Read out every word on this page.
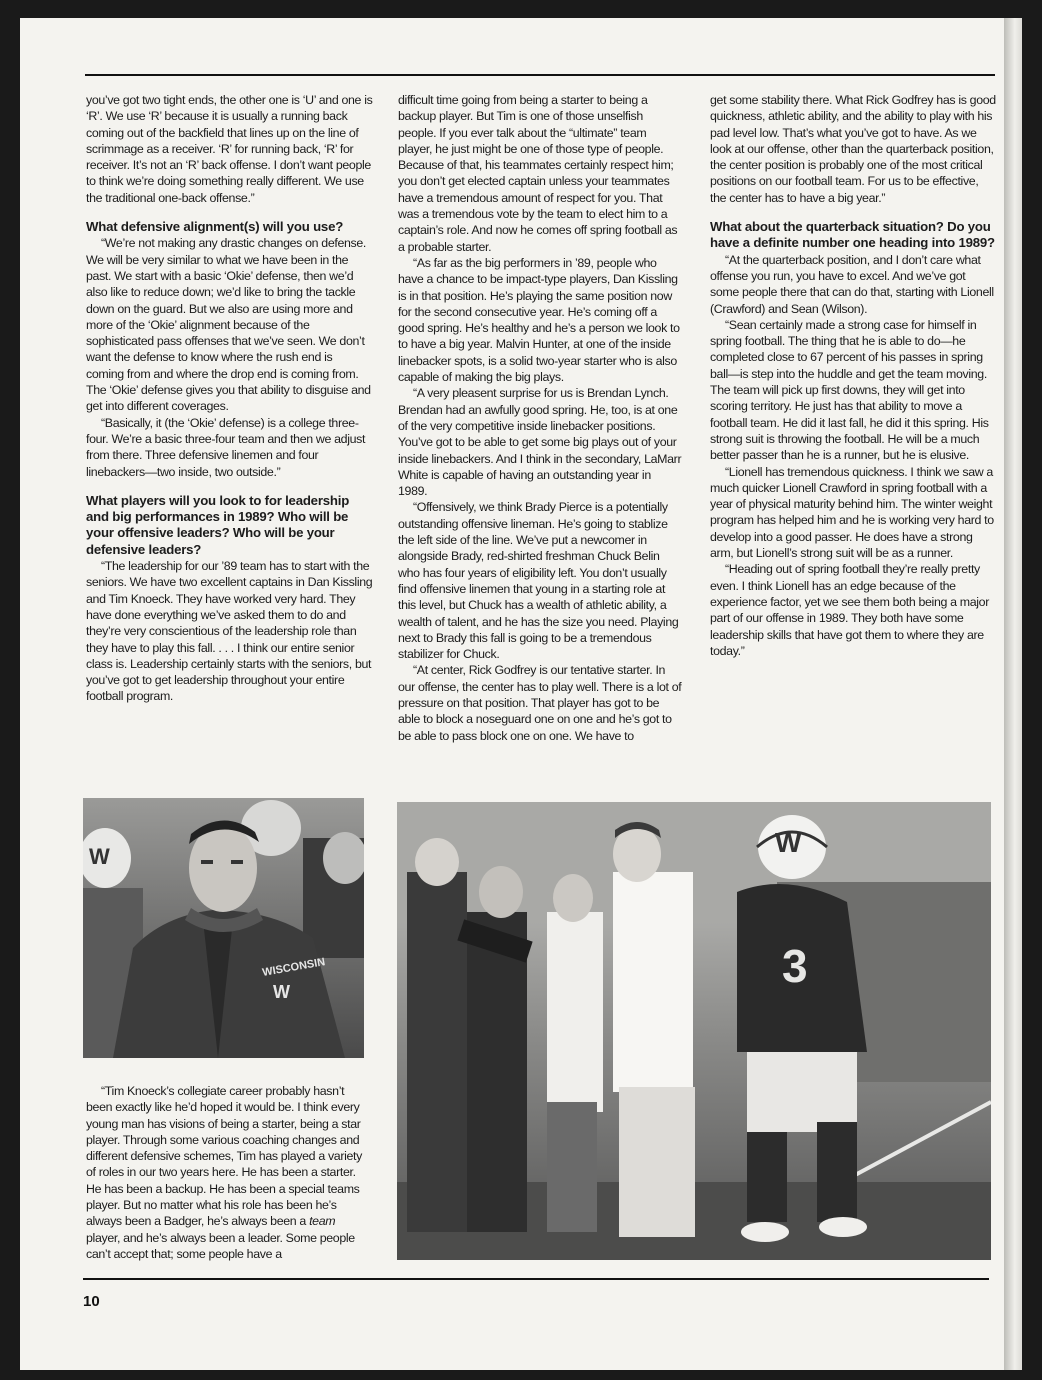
you’ve got two tight ends, the other one is ‘U’ and one is ‘R’. We use ‘R’ because it is usually a running back coming out of the backfield that lines up on the line of scrimmage as a receiver. ‘R’ for running back, ‘R’ for receiver. It’s not an ‘R’ back offense. I don’t want people to think we’re doing something really different. We use the traditional one-back offense.”

What defensive alignment(s) will you use?

“We’re not making any drastic changes on defense. We will be very similar to what we have been in the past. We start with a basic ‘Okie’ defense, then we’d also like to reduce down; we’d like to bring the tackle down on the guard. But we also are using more and more of the ‘Okie’ alignment because of the sophisticated pass offenses that we’ve seen. We don’t want the defense to know where the rush end is coming from and where the drop end is coming from. The ‘Okie’ defense gives you that ability to disguise and get into different coverages.

“Basically, it (the ‘Okie’ defense) is a college three-four. We’re a basic three-four team and then we adjust from there. Three defensive linemen and four linebackers—two inside, two outside.”

What players will you look to for leadership and big performances in 1989? Who will be your offensive leaders? Who will be your defensive leaders?

“The leadership for our ’89 team has to start with the seniors. We have two excellent captains in Dan Kissling and Tim Knoeck. They have worked very hard. They have done everything we’ve asked them to do and they’re very conscientious of the leadership role than they have to play this fall. . . . I think our entire senior class is. Leadership certainly starts with the seniors, but you’ve got to get leadership throughout your entire football program.

difficult time going from being a starter to being a backup player. But Tim is one of those unselfish people. If you ever talk about the “ultimate” team player, he just might be one of those type of people. Because of that, his teammates certainly respect him; you don’t get elected captain unless your teammates have a tremendous amount of respect for you. That was a tremendous vote by the team to elect him to a captain’s role. And now he comes off spring football as a probable starter.

“As far as the big performers in ’89, people who have a chance to be impact-type players, Dan Kissling is in that position. He’s playing the same position now for the second consecutive year. He’s coming off a good spring. He’s healthy and he’s a person we look to to have a big year. Malvin Hunter, at one of the inside linebacker spots, is a solid two-year starter who is also capable of making the big plays.

“A very pleasent surprise for us is Brendan Lynch. Brendan had an awfully good spring. He, too, is at one of the very competitive inside linebacker positions. You’ve got to be able to get some big plays out of your inside linebackers. And I think in the secondary, LaMarr White is capable of having an outstanding year in 1989.

“Offensively, we think Brady Pierce is a potentially outstanding offensive lineman. He’s going to stablize the left side of the line. We’ve put a newcomer in alongside Brady, red-shirted freshman Chuck Belin who has four years of eligibility left. You don’t usually find offensive linemen that young in a starting role at this level, but Chuck has a wealth of athletic ability, a wealth of talent, and he has the size you need. Playing next to Brady this fall is going to be a tremendous stabilizer for Chuck.

“At center, Rick Godfrey is our tentative starter. In our offense, the center has to play well. There is a lot of pressure on that position. That player has got to be able to block a noseguard one on one and he’s got to be able to pass block one on one. We have to

get some stability there. What Rick Godfrey has is good quickness, athletic ability, and the ability to play with his pad level low. That’s what you’ve got to have. As we look at our offense, other than the quarterback position, the center position is probably one of the most critical positions on our football team. For us to be effective, the center has to have a big year.”

What about the quarterback situation? Do you have a definite number one heading into 1989?

“At the quarterback position, and I don’t care what offense you run, you have to excel. And we’ve got some people there that can do that, starting with Lionell (Crawford) and Sean (Wilson).

“Sean certainly made a strong case for himself in spring football. The thing that he is able to do—he completed close to 67 percent of his passes in spring ball—is step into the huddle and get the team moving. The team will pick up first downs, they will get into scoring territory. He just has that ability to move a football team. He did it last fall, he did it this spring. His strong suit is throwing the football. He will be a much better passer than he is a runner, but he is elusive.

“Lionell has tremendous quickness. I think we saw a much quicker Lionell Crawford in spring football with a year of physical maturity behind him. The winter weight program has helped him and he is working very hard to develop into a good passer. He does have a strong arm, but Lionell’s strong suit will be as a runner.

“Heading out of spring football they’re really pretty even. I think Lionell has an edge because of the experience factor, yet we see them both being a major part of our offense in 1989. They both have some leadership skills that have got them to where they are today.”

WISCONSIN
W
W	W
3

“Tim Knoeck’s collegiate career probably hasn’t been exactly like he’d hoped it would be. I think every young man has visions of being a starter, being a star player. Through some various coaching changes and different defensive schemes, Tim has played a variety of roles in our two years here. He has been a starter. He has been a backup. He has been a special teams player. But no matter what his role has been he’s always been a Badger, he’s always been a team player, and he’s always been a leader. Some people can’t accept that; some people have a

10
